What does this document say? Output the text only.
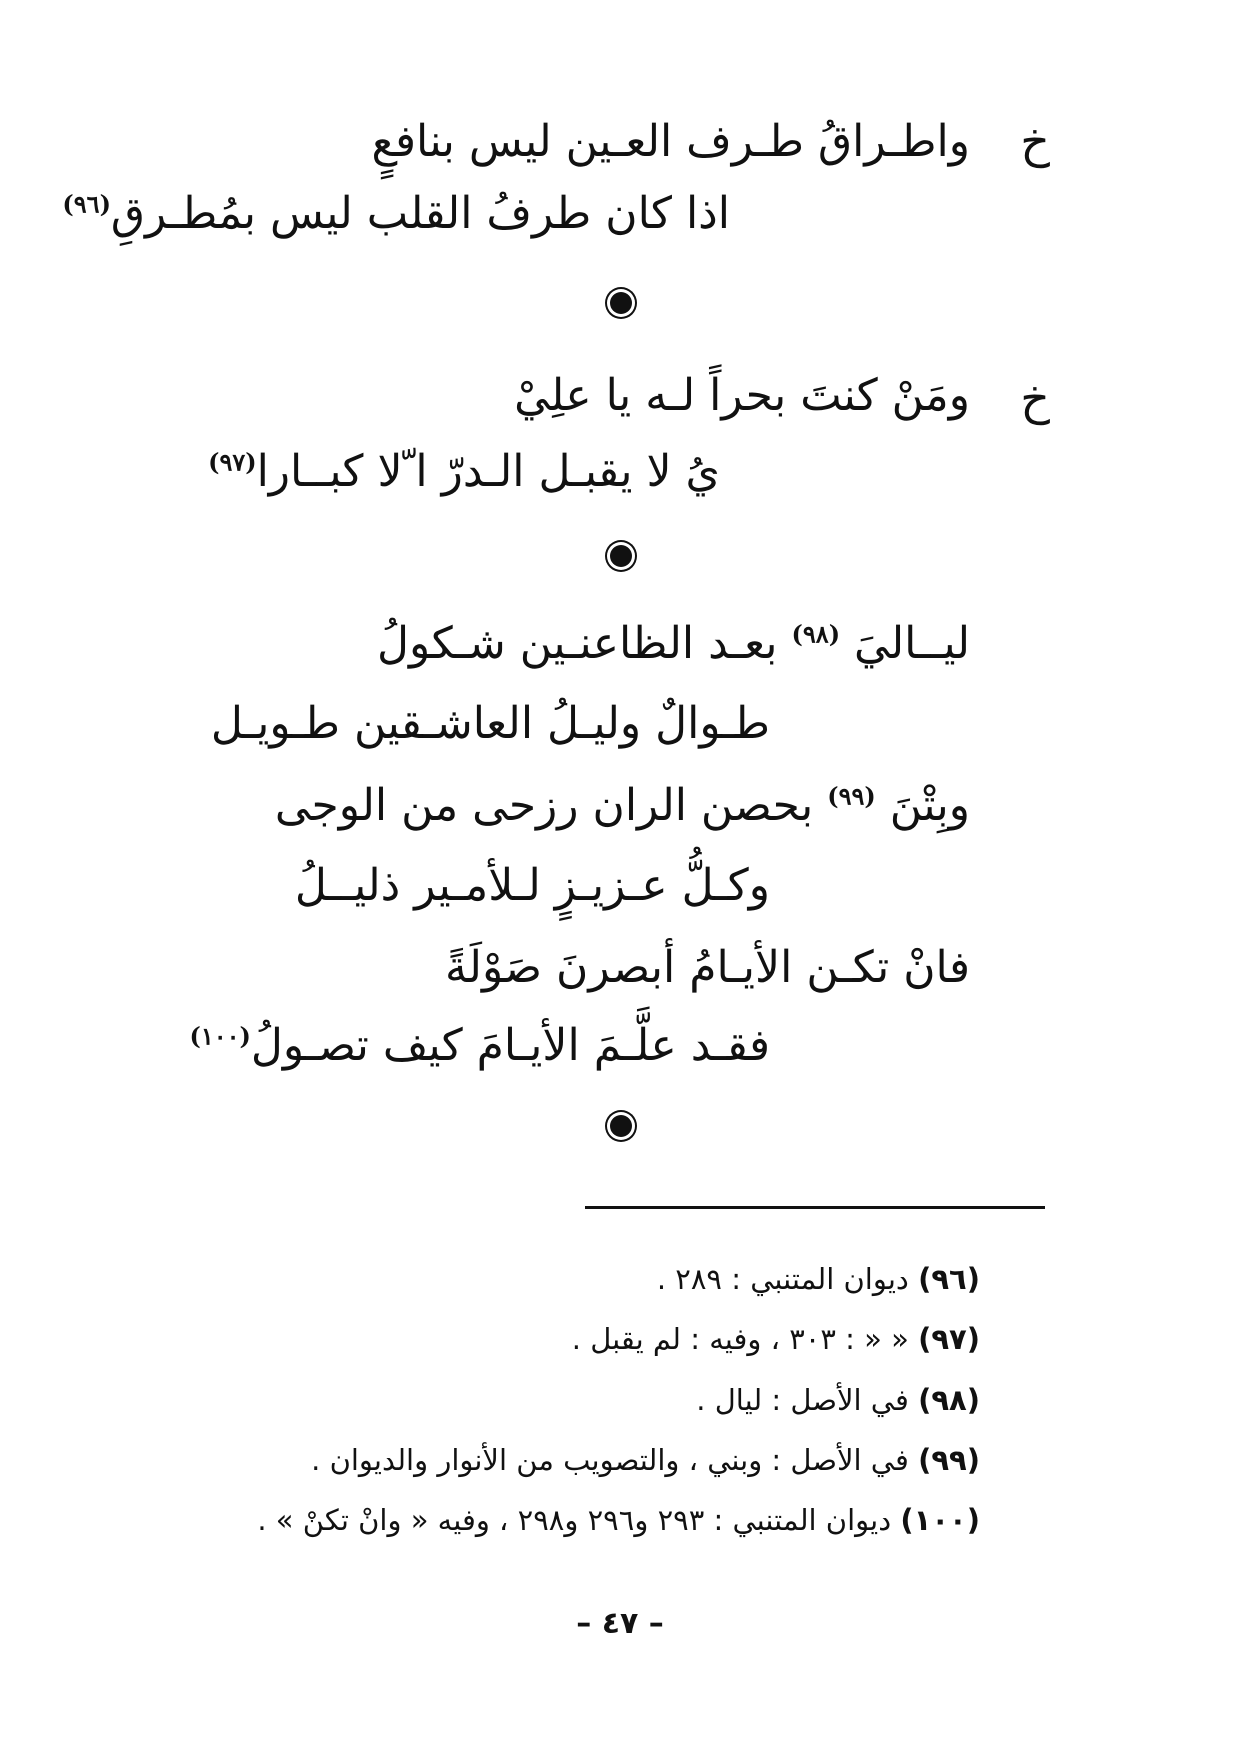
خ
واطـراقُ طـرف العـين ليس بنافعٍ
اذا كان طرفُ القلب ليس بمُطـرقِ$^{(٩٦)}$
خ
ومَنْ كنتَ بحراً لـه يا علِيْ
يُ لا يقبـل الـدرّ ا ّلا كبــارا$^{(٩٧)}$
ليــاليَ $^{(٩٨)}$ بعـد الظاعنـين شـكولُ
طـوالٌ وليـلُ العاشـقين طـويـل
وبِتْنَ $^{(٩٩)}$ بحصن الران رزحى من الوجى
وكـلُّ عـزيـزٍ لـلأمـير ذليــلُ
فانْ تكـن الأيـامُ أبصرنَ صَوْلَةً
فقـد علَّـمَ الأيـامَ كيف تصـولُ$^{(١٠٠)}$
(٩٦) ديوان المتنبي : ٢٨٩ .
(٩٧) « « : ٣٠٣ ، وفيه : لم يقبل .
(٩٨) في الأصل : ليال .
(٩٩) في الأصل : وبني ، والتصويب من الأنوار والديوان .
(١٠٠) ديوان المتنبي : ٢٩٣ و٢٩٦ و٢٩٨ ، وفيه « وانْ تكنْ » .
– ٤٧ –
